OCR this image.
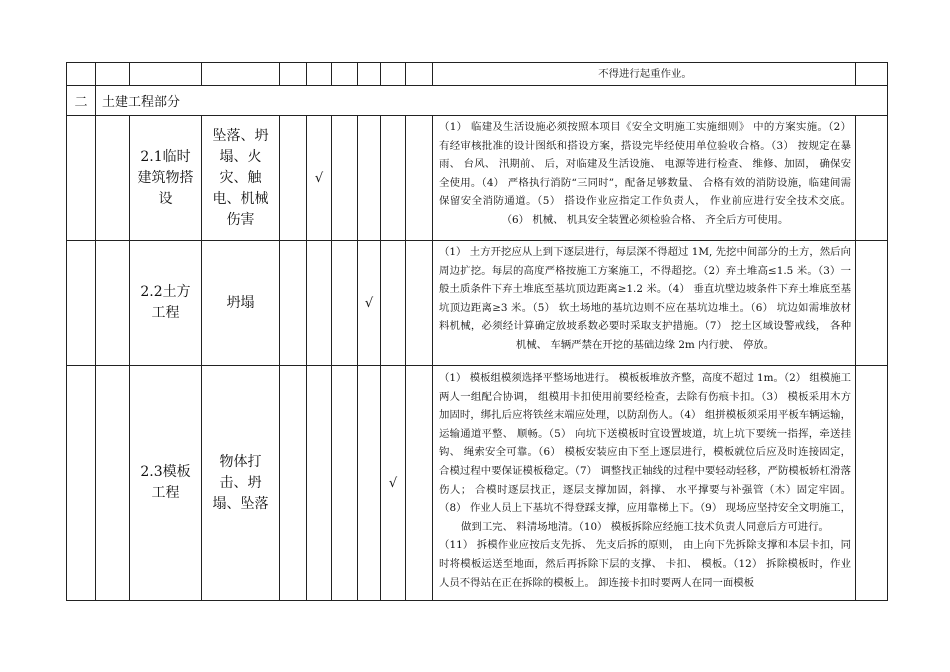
										不得进行起重作业。	
二	土建工程部分										
		2.1临时建筑物搭设	坠落、坍塌、火灾、触电、机械伤害		√					（1） 临建及生活设施必须按照本项目《安全文明施工实施细则》 中的方案实施。（2） 有经审核批准的设计图纸和搭设方案，搭设完毕经使用单位验收合格。（3） 按规定在暴雨、 台风、 汛期前、 后，对临建及生活设施、 电源等进行检查、 维修、加固， 确保安全使用。（4） 严格执行消防“三同时”，配备足够数量、 合格有效的消防设施，临建间需保留安全消防通道。（5） 搭设作业应指定工作负责人， 作业前应进行安全技术交底。（6） 机械、 机具安全装置必须检验合格、 齐全后方可使用。	
		2.2土方工程	坍塌				√			（1） 土方开挖应从上到下逐层进行，每层深不得超过 1M, 先挖中间部分的土方，然后向周边扩挖。每层的高度严格按施工方案施工，不得超挖。（2）弃土堆高≤1.5 米。（3）一般土质条件下弃土堆底至基坑顶边距离≥1.2 米。（4） 垂直坑壁边坡条件下弃土堆底至基坑顶边距离≥3 米。（5） 软土场地的基坑边则不应在基坑边堆土。（6） 坑边如需堆放材料机械，必须经计算确定放坡系数必要时采取支护措施。（7） 挖土区域设警戒线， 各种机械、 车辆严禁在开挖的基础边缘 2m 内行驶、 停放。	
		2.3模板工程	物体打击、坍塌、坠落					√		（1） 模板组模须选择平整场地进行。 模板板堆放齐整，高度不超过 1m。（2） 组模施工两人一组配合协调， 组模用卡扣使用前要经检查，去除有伤痕卡扣。（3） 模板采用木方加固时，绑扎后应将铁丝末端应处理，以防刮伤人。（4） 组拼模板须采用平板车辆运输， 运输通道平整、 顺畅。（5） 向坑下送模板时宜设置坡道，坑上坑下要统一指挥，牵送挂钩、 绳索安全可靠。（6） 模板安装应由下至上逐层进行，模板就位后应及时连接固定， 合模过程中要保证模板稳定。（7） 调整找正轴线的过程中要轻动轻移，严防模板轿杠滑落伤人； 合模时逐层找正，逐层支撑加固，斜撑、 水平撑要与补强管（木）固定牢固。（8） 作业人员上下基坑不得登踩支撑，应用靠梯上下。（9） 现场应坚持安全文明施工，做到工完、 料清场地清。（10） 模板拆除应经施工技术负责人同意后方可进行。
（11） 拆模作业应按后支先拆、 先支后拆的原则， 由上向下先拆除支撑和本层卡扣，同时将模板运送至地面，然后再拆除下层的支撑、 卡扣、 模板。（12） 拆除模板时，作业人员不得站在正在拆除的模板上。 卸连接卡扣时要两人在同一面模板	
